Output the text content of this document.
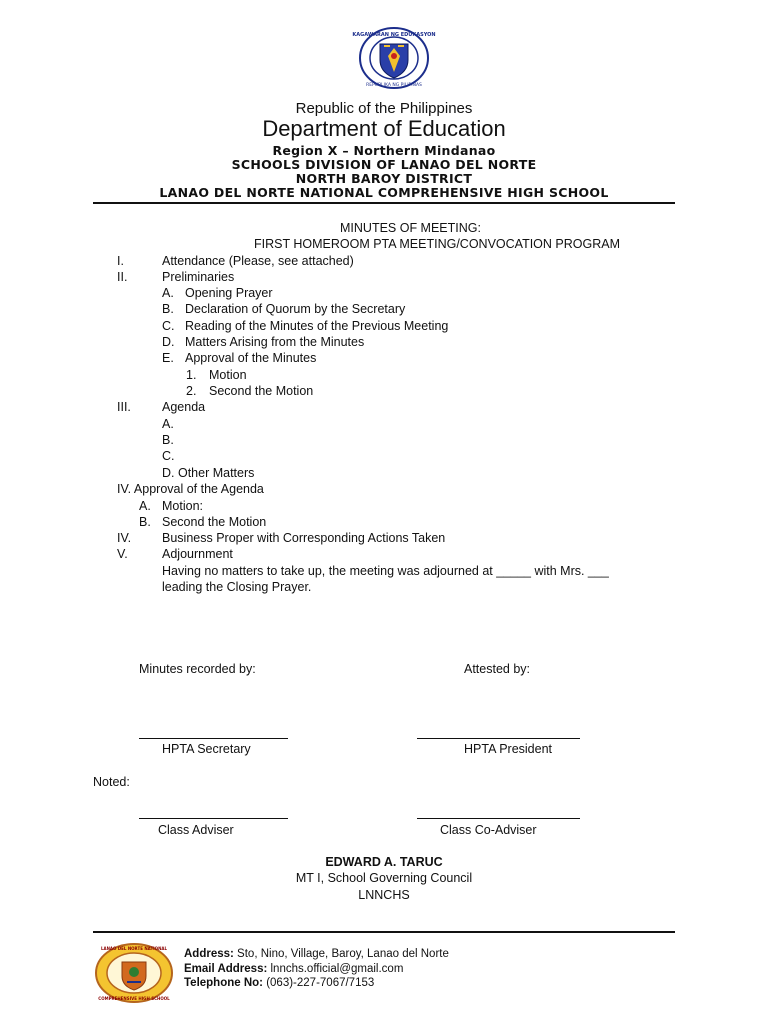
KAGAWARAN NG EDUKASYON
REPUBLIKA NG PILIPINAS
Republic of the Philippines
Department of Education
Region X – Northern Mindanao
SCHOOLS DIVISION OF LANAO DEL NORTE
NORTH BAROY DISTRICT
LANAO DEL NORTE NATIONAL COMPREHENSIVE HIGH SCHOOL
MINUTES OF MEETING:
FIRST HOMEROOM PTA MEETING/CONVOCATION PROGRAM
I.	Attendance (Please, see attached)
II.	Preliminaries
A. Opening Prayer
B. Declaration of Quorum by the Secretary
C. Reading of the Minutes of the Previous Meeting
D. Matters Arising from the Minutes
E. Approval of the Minutes
1. Motion
2. Second the Motion
III. Agenda
A.
B.
C.
D. Other Matters
IV. Approval of the Agenda
A. Motion:
B. Second the Motion
IV. Business Proper with Corresponding Actions Taken
V.	Adjournment
Having no matters to take up, the meeting was adjourned at _____ with Mrs. ___
leading the Closing Prayer.
Minutes recorded by:	Attested by:
HPTA Secretary	HPTA President
Noted:
Class Adviser	Class Co-Adviser
EDWARD A. TARUC
MT I, School Governing Council
LNNCHS
LANAO DEL NORTE NATIONAL
COMPREHENSIVE HIGH SCHOOL
Address: Sto, Nino, Village, Baroy, Lanao del Norte
Email Address: lnnchs.official@gmail.com
Telephone No: (063)-227-7067/7153
